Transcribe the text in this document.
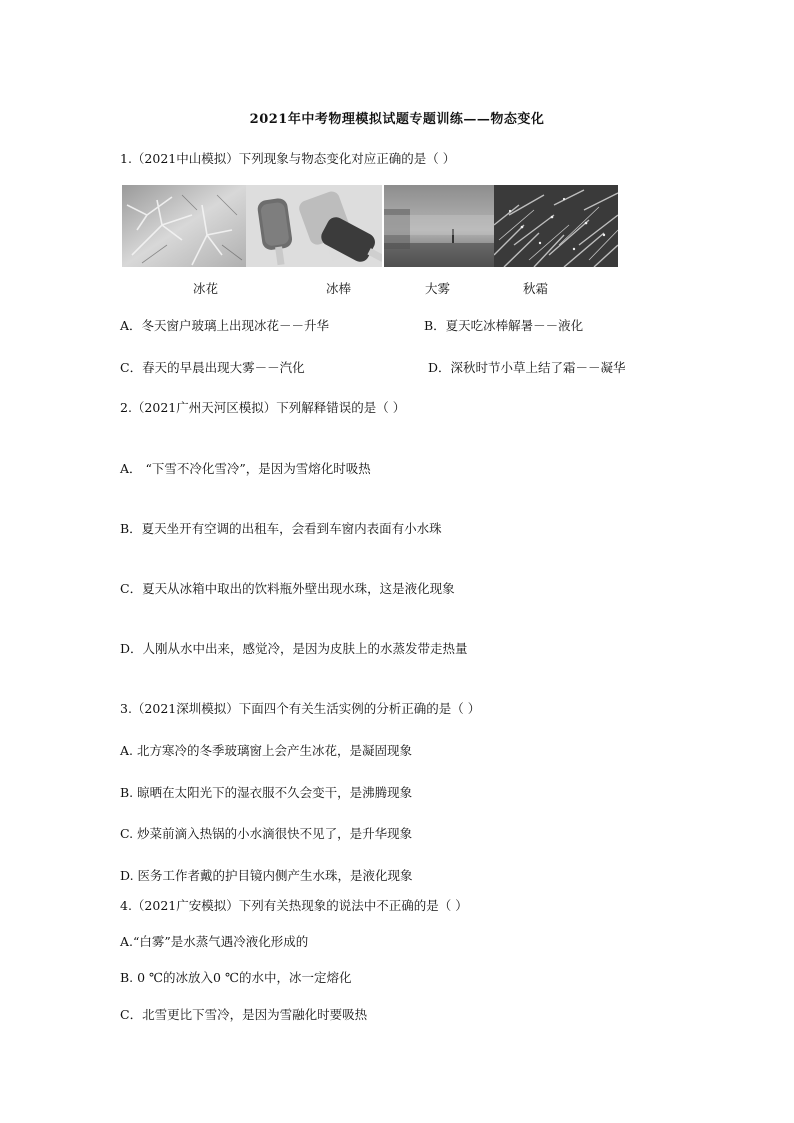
2021年中考物理模拟试题专题训练——物态变化
1.（2021中山模拟）下列现象与物态变化对应正确的是（ ）
冰花	冰棒	大雾	秋霜
A．冬天窗户玻璃上出现冰花－－升华	B．夏天吃冰棒解暑－－液化
C．春天的早晨出现大雾－－汽化	D．深秋时节小草上结了霜－－凝华
2.（2021广州天河区模拟）下列解释错误的是（ ）
A． “下雪不冷化雪冷”，是因为雪熔化时吸热
B．夏天坐开有空调的出租车，会看到车窗内表面有小水珠
C．夏天从冰箱中取出的饮料瓶外壁出现水珠，这是液化现象
D．人刚从水中出来，感觉冷，是因为皮肤上的水蒸发带走热量
3.（2021深圳模拟）下面四个有关生活实例的分析正确的是（ ）
A. 北方寒冷的冬季玻璃窗上会产生冰花，是凝固现象
B. 晾晒在太阳光下的湿衣服不久会变干，是沸腾现象
C. 炒菜前滴入热锅的小水滴很快不见了，是升华现象
D. 医务工作者戴的护目镜内侧产生水珠，是液化现象
4.（2021广安模拟）下列有关热现象的说法中不正确的是（ ）
A.“白雾”是水蒸气遇冷液化形成的
B. 0 ℃的冰放入0 ℃的水中，冰一定熔化
C．北雪更比下雪冷，是因为雪融化时要吸热
